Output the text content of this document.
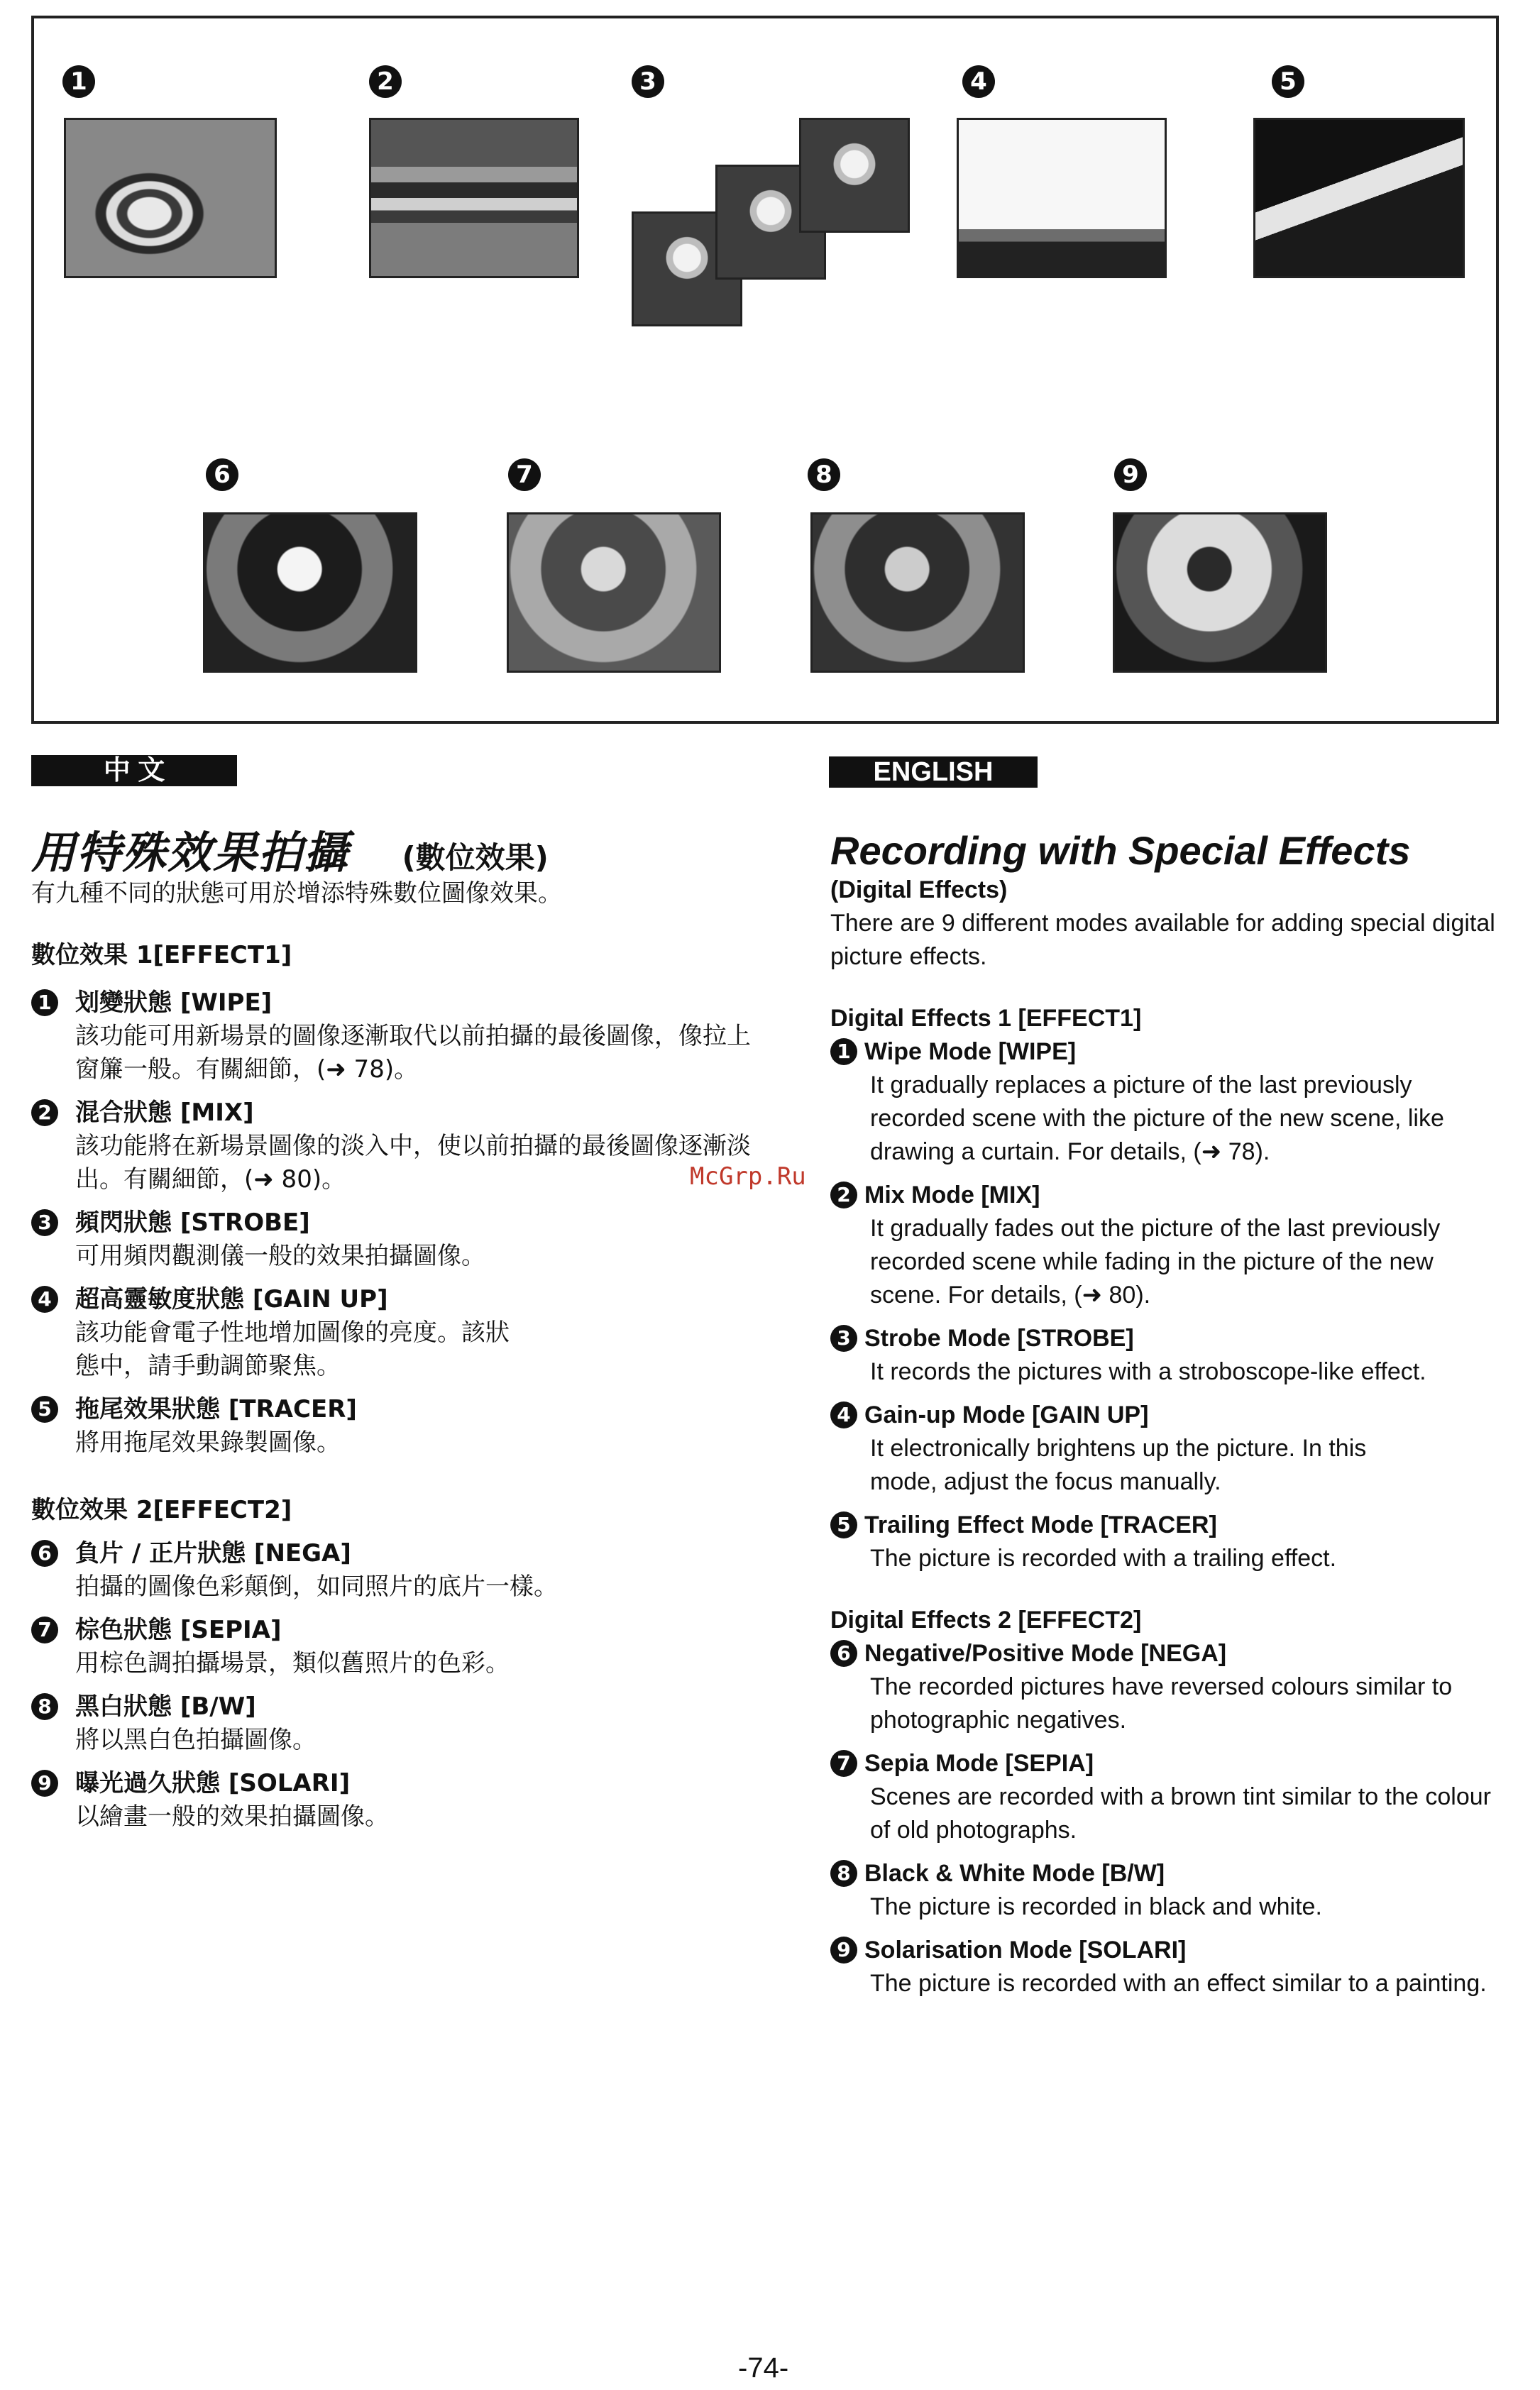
1	2	3	4	5
6	7	8	9
中 文
用特殊效果拍攝 (數位效果)
有九種不同的狀態可用於增添特殊數位圖像效果。
數位效果 1[EFFECT1]
1 划變狀態 [WIPE]
該功能可用新場景的圖像逐漸取代以前拍攝的最後圖像，像拉上窗簾一般。有關細節，(➜ 78)。
2 混合狀態 [MIX]
該功能將在新場景圖像的淡入中，使以前拍攝的最後圖像逐漸淡出。有關細節，(➜ 80)。
3 頻閃狀態 [STROBE]
可用頻閃觀測儀一般的效果拍攝圖像。
4 超高靈敏度狀態 [GAIN UP]
該功能會電子性地增加圖像的亮度。該狀態中，請手動調節聚焦。
5 拖尾效果狀態 [TRACER]
將用拖尾效果錄製圖像。
數位效果 2[EFFECT2]
6 負片 / 正片狀態 [NEGA]
拍攝的圖像色彩顛倒，如同照片的底片一樣。
7 棕色狀態 [SEPIA]
用棕色調拍攝場景，類似舊照片的色彩。
8 黑白狀態 [B/W]
將以黑白色拍攝圖像。
9 曝光過久狀態 [SOLARI]
以繪畫一般的效果拍攝圖像。
ENGLISH
Recording with Special Effects
(Digital Effects)
There are 9 different modes available for adding special digital picture effects.
Digital Effects 1 [EFFECT1]
1 Wipe Mode [WIPE]
It gradually replaces a picture of the last previously recorded scene with the picture of the new scene, like drawing a curtain. For details, (➜ 78).
2 Mix Mode [MIX]
It gradually fades out the picture of the last previously recorded scene while fading in the picture of the new scene. For details, (➜ 80).
3 Strobe Mode [STROBE]
It records the pictures with a stroboscope-like effect.
4 Gain-up Mode [GAIN UP]
It electronically brightens up the picture. In this mode, adjust the focus manually.
5 Trailing Effect Mode [TRACER]
The picture is recorded with a trailing effect.
Digital Effects 2 [EFFECT2]
6 Negative/Positive Mode [NEGA]
The recorded pictures have reversed colours similar to photographic negatives.
7 Sepia Mode [SEPIA]
Scenes are recorded with a brown tint similar to the colour of old photographs.
8 Black & White Mode [B/W]
The picture is recorded in black and white.
9 Solarisation Mode [SOLARI]
The picture is recorded with an effect similar to a painting.
McGrp.Ru
-74-
